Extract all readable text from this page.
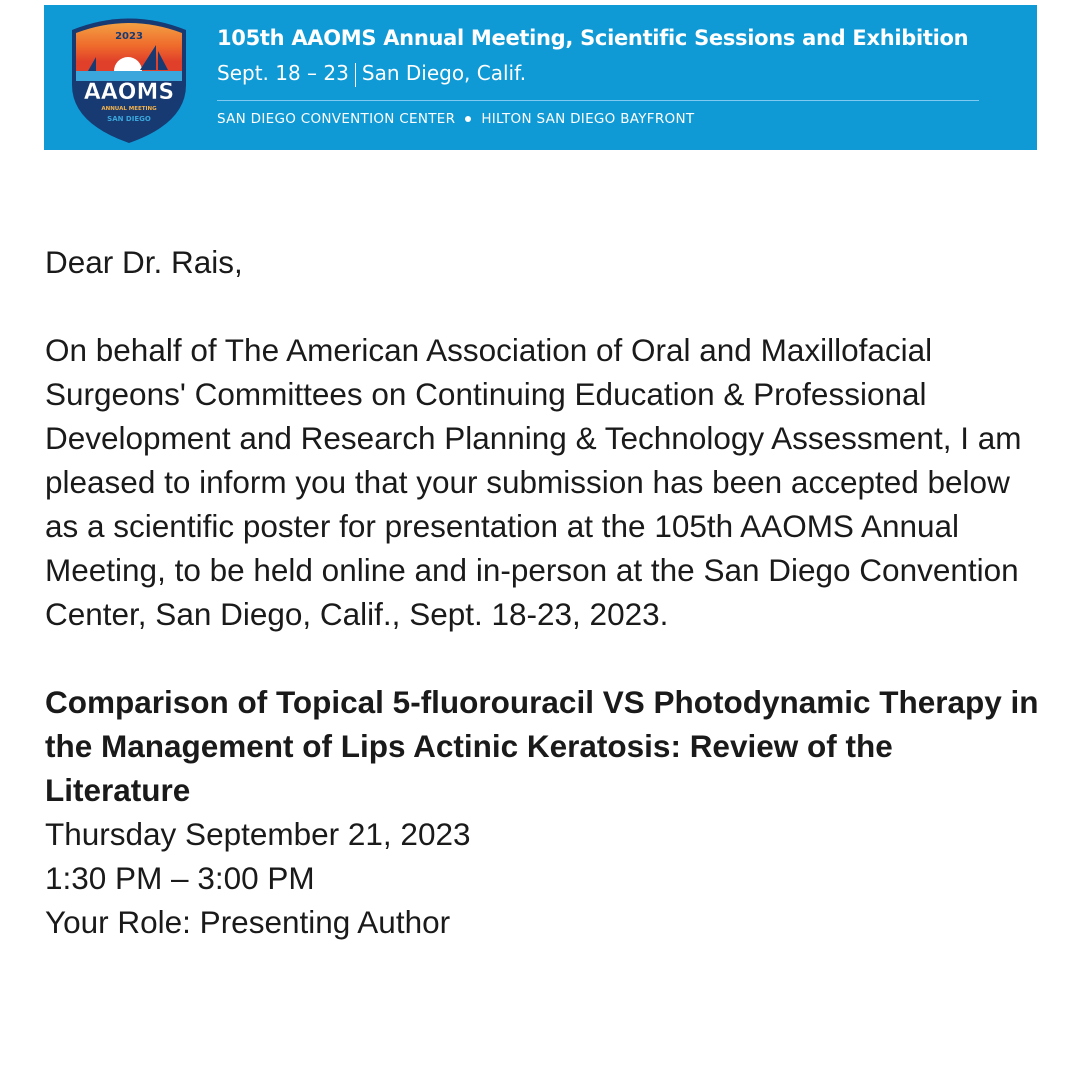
2023
AAOMS
ANNUAL MEETING
SAN DIEGO
105th AAOMS Annual Meeting, Scientific Sessions and Exhibition
Sept. 18 – 23 San Diego, Calif.
SAN DIEGO CONVENTION CENTER HILTON SAN DIEGO BAYFRONT

Dear Dr. Rais,

On behalf of The American Association of Oral and Maxillofacial Surgeons' Committees on Continuing Education & Professional Development and Research Planning & Technology Assessment, I am pleased to inform you that your submission has been accepted below as a scientific poster for presentation at the 105th AAOMS Annual Meeting, to be held online and in-person at the San Diego Convention Center, San Diego, Calif., Sept. 18-23, 2023.

Comparison of Topical 5-fluorouracil VS Photodynamic Therapy in the Management of Lips Actinic Keratosis: Review of the Literature

Thursday September 21, 2023

1:30 PM – 3:00 PM

Your Role: Presenting Author
